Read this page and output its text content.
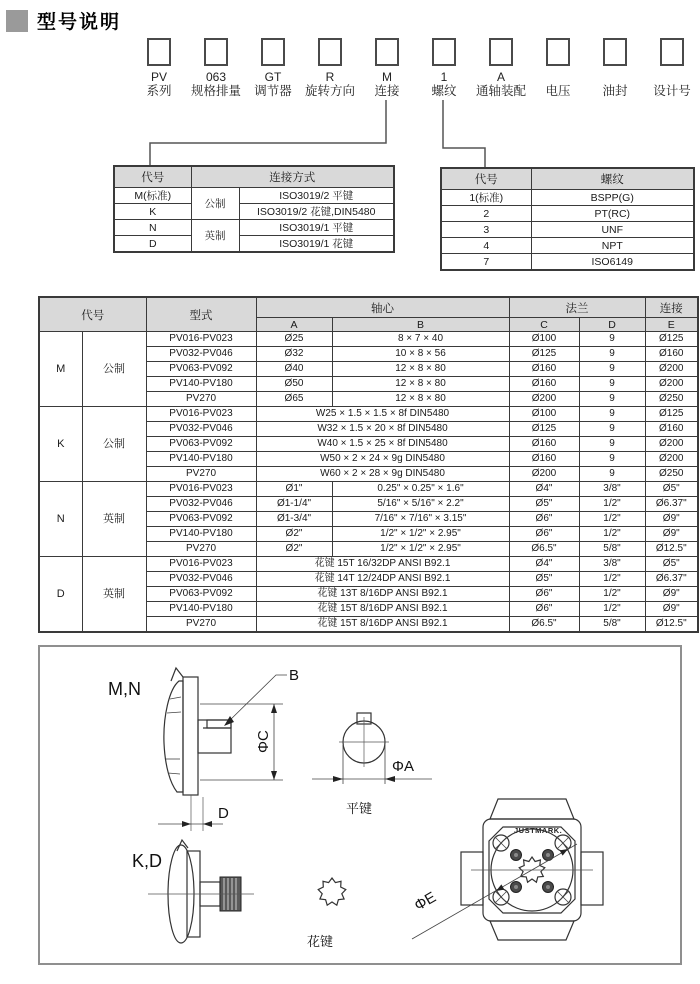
型号说明
PV
系列
063
规格排量
GT
调节器
R
旋转方向
M
连接
1
螺纹
A
通轴装配	电压	油封	设计号
代号	连接方式	
M(标准)	公制	ISO3019/2 平键
K		ISO3019/2 花键,DIN5480
N	英制	ISO3019/1 平键
D		ISO3019/1 花键
代号	螺纹
1(标准)	BSPP(G)
2	PT(RC)
3	UNF
4	NPT
7	ISO6149
代号		型式	轴心		法兰		连接
			A	B	C	D	E
M	公制	PV016-PV023	Ø25	8 × 7 × 40	Ø100	9	Ø125
		PV032-PV046	Ø32	10 × 8 × 56	Ø125	9	Ø160
		PV063-PV092	Ø40	12 × 8 × 80	Ø160	9	Ø200
		PV140-PV180	Ø50	12 × 8 × 80	Ø160	9	Ø200
		PV270	Ø65	12 × 8 × 80	Ø200	9	Ø250
K	公制	PV016-PV023	W25 × 1.5 × 1.5 × 8f DIN5480		Ø100	9	Ø125
		PV032-PV046	W32 × 1.5 × 20 × 8f DIN5480		Ø125	9	Ø160
		PV063-PV092	W40 × 1.5 × 25 × 8f DIN5480		Ø160	9	Ø200
		PV140-PV180	W50 × 2 × 24 × 9g DIN5480		Ø160	9	Ø200
		PV270	W60 × 2 × 28 × 9g DIN5480		Ø200	9	Ø250
N	英制	PV016-PV023	Ø1"	0.25" × 0.25" × 1.6"	Ø4"	3/8"	Ø5"
		PV032-PV046	Ø1-1/4"	5/16" × 5/16" × 2.2"	Ø5"	1/2"	Ø6.37"
		PV063-PV092	Ø1-3/4"	7/16" × 7/16" × 3.15"	Ø6"	1/2"	Ø9"
		PV140-PV180	Ø2"	1/2" × 1/2" × 2.95"	Ø6"	1/2"	Ø9"
		PV270	Ø2"	1/2" × 1/2" × 2.95"	Ø6.5"	5/8"	Ø12.5"
D	英制	PV016-PV023	花键 15T 16/32DP ANSI B92.1		Ø4"	3/8"	Ø5"
		PV032-PV046	花键 14T 12/24DP ANSI B92.1		Ø5"	1/2"	Ø6.37"
		PV063-PV092	花键 13T 8/16DP ANSI B92.1		Ø6"	1/2"	Ø9"
		PV140-PV180	花键 15T 8/16DP ANSI B92.1		Ø6"	1/2"	Ø9"
		PV270	花键 15T 8/16DP ANSI B92.1		Ø6.5"	5/8"	Ø12.5"
M,N
B
ΦC
D
ΦA
平键
K,D
花键
JUSTMARK.
ΦE
